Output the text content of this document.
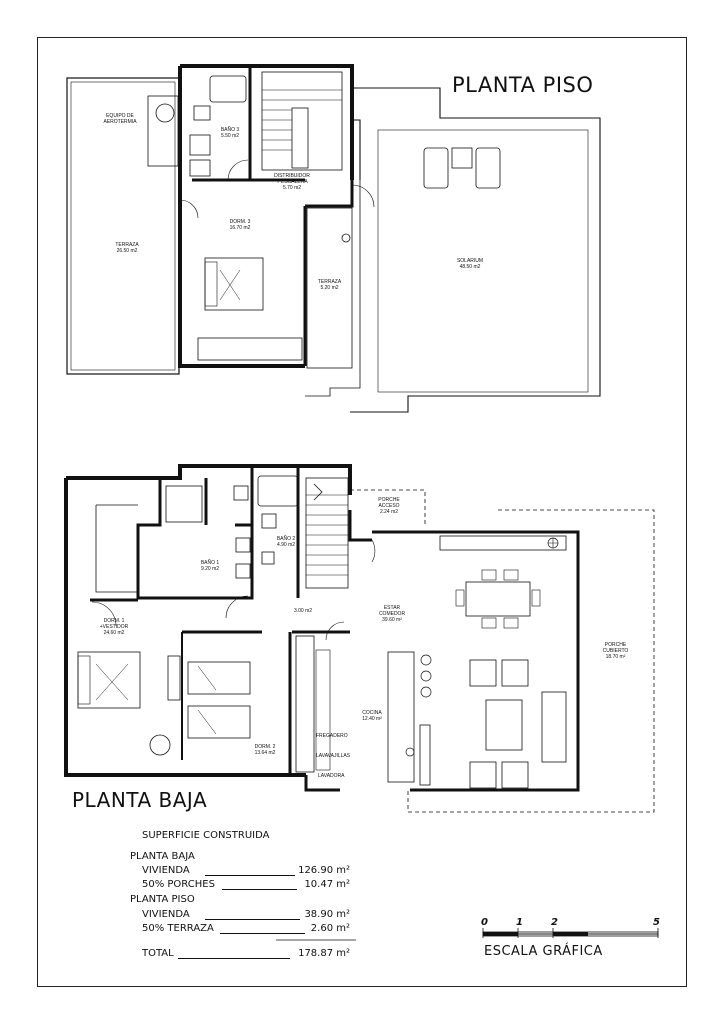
PLANTA PISO
PLANTA BAJA
EQUIPO DE
AEROTERMIA
BAÑO 3
5.50 m2
DISTRIBUIDOR
Y ESCALERA
5.70 m2
DORM. 3
16.70 m2
TERRAZA
26.50 m2
TERRAZA
5.20 m2
SOLARIUM
48.50 m2
PORCHE
ACCESO
2.24 m2
BAÑO 2
4.90 m2
BAÑO 1
9.20 m2
3.00 m2	ESTAR
COMEDOR
39.60 m²
PORCHE
CUBIERTO
18.70 m²
DORM. 1
+VESTIDOR
24.60 m2
COCINA
12.40 m²
DORM. 2
13.64 m2
FREGADERO
LAVAVAJILLAS
LAVADORA
SUPERFICIE CONSTRUIDA
PLANTA BAJA
VIVIENDA	126.90 m²
50% PORCHES	10.47 m²
PLANTA PISO
VIVIENDA	38.90 m²
50% TERRAZA	2.60 m²
TOTAL	178.87 m²
0	1	2	5
ESCALA GRÁFICA
